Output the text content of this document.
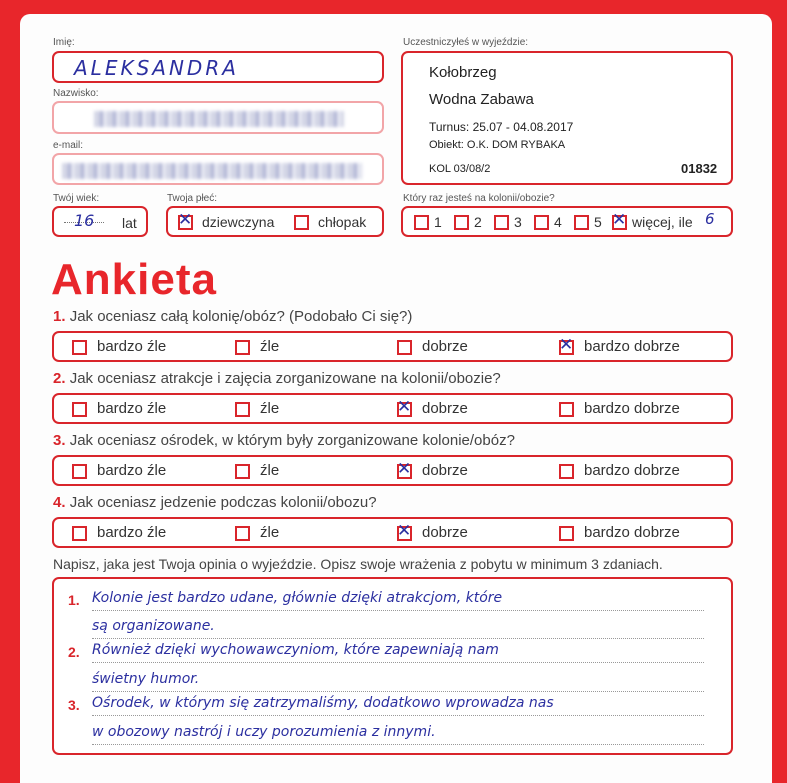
Imię:
ALEKSANDRA
Nazwisko:
e-mail:
Twój wiek:
16 lat
Twoja płeć:
✕ dziewczyna	chłopak
Uczestniczyłeś w wyjeździe:
Kołobrzeg
Wodna Zabawa
Turnus: 25.07 - 04.08.2017
Obiekt: O.K. DOM RYBAKA
KOL 03/08/2	01832
Który raz jesteś na kolonii/obozie?
1 2 3 4 5 ✕ więcej, ile 6
Ankieta
1. Jak oceniasz całą kolonię/obóz? (Podobało Ci się?)
bardzo źle	źle	dobrze	✕ bardzo dobrze
2. Jak oceniasz atrakcje i zajęcia zorganizowane na kolonii/obozie?
bardzo źle	źle	✕ dobrze	bardzo dobrze
3. Jak oceniasz ośrodek, w którym były zorganizowane kolonie/obóz?
bardzo źle	źle	✕ dobrze	bardzo dobrze
4. Jak oceniasz jedzenie podczas kolonii/obozu?
bardzo źle	źle	✕ dobrze	bardzo dobrze
Napisz, jaka jest Twoja opinia o wyjeździe. Opisz swoje wrażenia z pobytu w minimum 3 zdaniach.
Kolonie jest bardzo udane, głównie dzięki atrakcjom, które
są organizowane.
Również dzięki wychowawczyniom, które zapewniają nam
świetny humor.
Ośrodek, w którym się zatrzymaliśmy, dodatkowo wprowadza nas
w obozowy nastrój i uczy porozumienia z innymi.
1.
2.
3.
